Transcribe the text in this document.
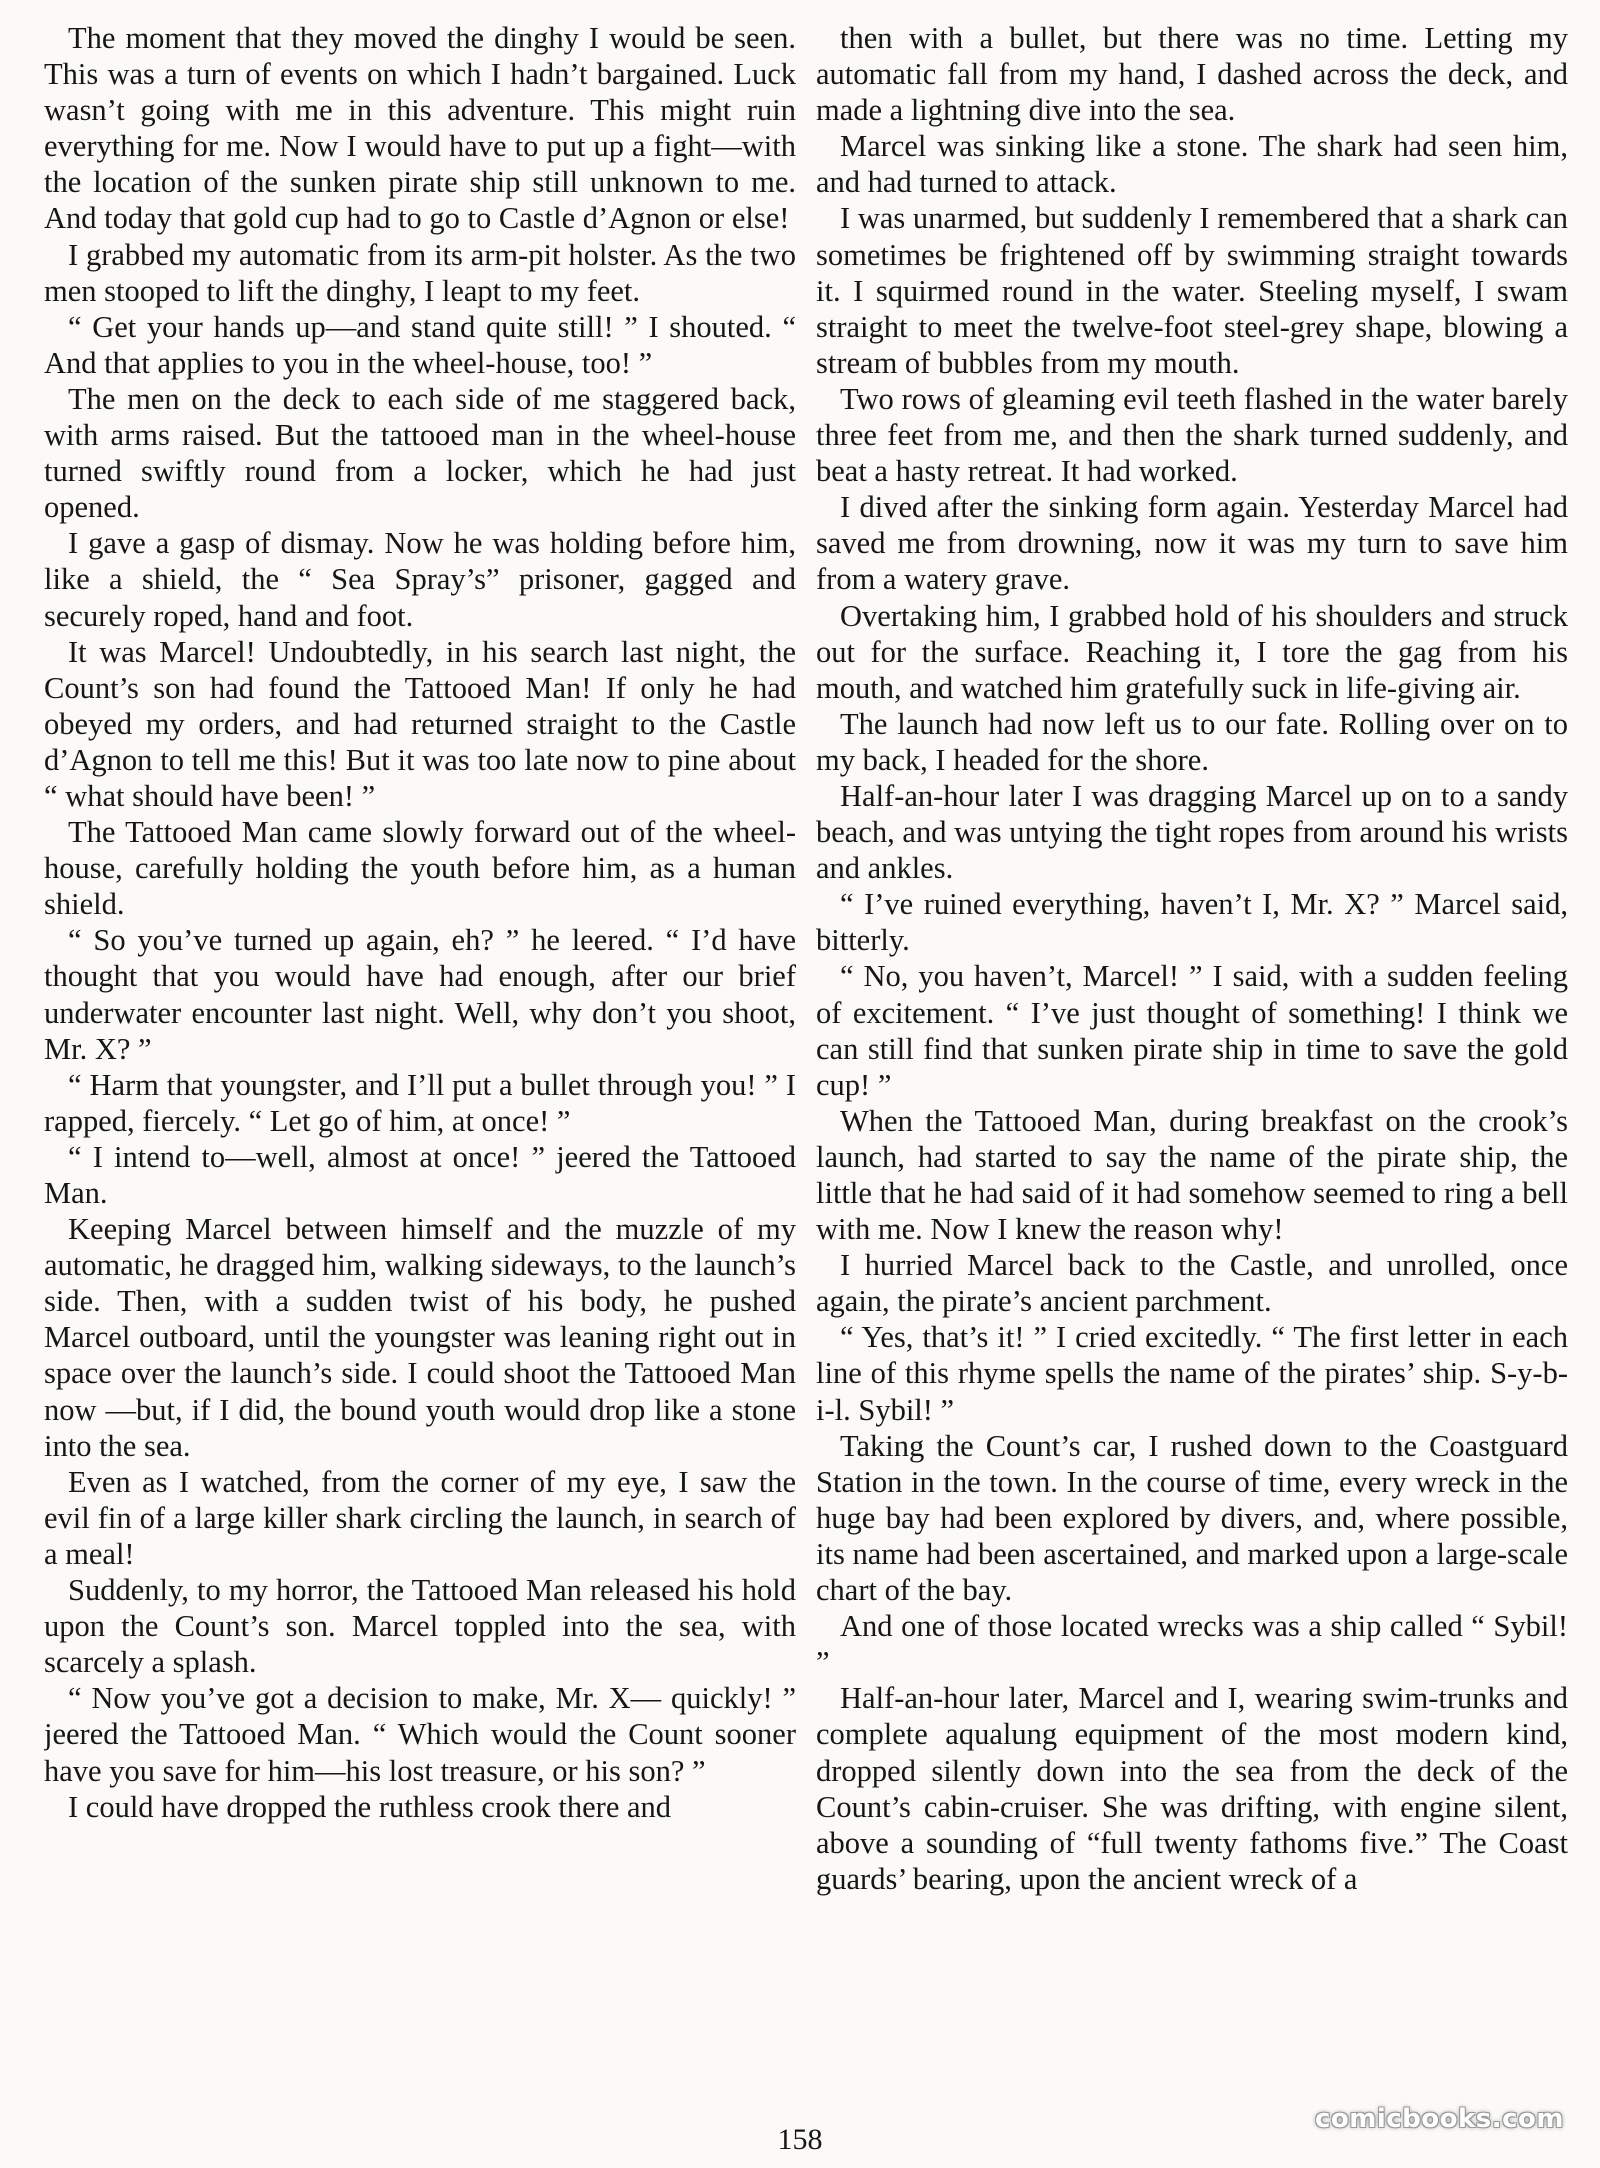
The moment that they moved the dinghy I would be seen. This was a turn of events on which I hadn’t bargained. Luck wasn’t going with me in this adventure. This might ruin everything for me. Now I would have to put up a fight—with the location of the sunken pirate ship still unknown to me. And today that gold cup had to go to Castle d’Agnon or else!

I grabbed my automatic from its arm-pit holster. As the two men stooped to lift the dinghy, I leapt to my feet.

“ Get your hands up—and stand quite still! ” I shouted. “ And that applies to you in the wheel-house, too! ”

The men on the deck to each side of me staggered back, with arms raised. But the tattooed man in the wheel-house turned swiftly round from a locker, which he had just opened.

I gave a gasp of dismay. Now he was holding before him, like a shield, the “ Sea Spray’s” prisoner, gagged and securely roped, hand and foot.

It was Marcel! Undoubtedly, in his search last night, the Count’s son had found the Tattooed Man! If only he had obeyed my orders, and had returned straight to the Castle d’Agnon to tell me this! But it was too late now to pine about “ what should have been! ”

The Tattooed Man came slowly forward out of the wheel-house, carefully holding the youth before him, as a human shield.

“ So you’ve turned up again, eh? ” he leered. “ I’d have thought that you would have had enough, after our brief underwater encounter last night. Well, why don’t you shoot, Mr. X? ”

“ Harm that youngster, and I’ll put a bullet through you! ” I rapped, fiercely. “ Let go of him, at once! ”

“ I intend to—well, almost at once! ” jeered the Tattooed Man.

Keeping Marcel between himself and the muzzle of my automatic, he dragged him, walking sideways, to the launch’s side. Then, with a sudden twist of his body, he pushed Marcel outboard, until the youngster was leaning right out in space over the launch’s side. I could shoot the Tattooed Man now —but, if I did, the bound youth would drop like a stone into the sea.

Even as I watched, from the corner of my eye, I saw the evil fin of a large killer shark circling the launch, in search of a meal!

Suddenly, to my horror, the Tattooed Man released his hold upon the Count’s son. Marcel toppled into the sea, with scarcely a splash.

“ Now you’ve got a decision to make, Mr. X— quickly! ” jeered the Tattooed Man. “ Which would the Count sooner have you save for him—his lost treasure, or his son? ”

I could have dropped the ruthless crook there and

then with a bullet, but there was no time. Letting my automatic fall from my hand, I dashed across the deck, and made a lightning dive into the sea.

Marcel was sinking like a stone. The shark had seen him, and had turned to attack.

I was unarmed, but suddenly I remembered that a shark can sometimes be frightened off by swimming straight towards it. I squirmed round in the water. Steeling myself, I swam straight to meet the twelve-foot steel-grey shape, blowing a stream of bubbles from my mouth.

Two rows of gleaming evil teeth flashed in the water barely three feet from me, and then the shark turned suddenly, and beat a hasty retreat. It had worked.

I dived after the sinking form again. Yesterday Marcel had saved me from drowning, now it was my turn to save him from a watery grave.

Overtaking him, I grabbed hold of his shoulders and struck out for the surface. Reaching it, I tore the gag from his mouth, and watched him gratefully suck in life-giving air.

The launch had now left us to our fate. Rolling over on to my back, I headed for the shore.

Half-an-hour later I was dragging Marcel up on to a sandy beach, and was untying the tight ropes from around his wrists and ankles.

“ I’ve ruined everything, haven’t I, Mr. X? ” Marcel said, bitterly.

“ No, you haven’t, Marcel! ” I said, with a sudden feeling of excitement. “ I’ve just thought of something! I think we can still find that sunken pirate ship in time to save the gold cup! ”

When the Tattooed Man, during breakfast on the crook’s launch, had started to say the name of the pirate ship, the little that he had said of it had somehow seemed to ring a bell with me. Now I knew the reason why!

I hurried Marcel back to the Castle, and unrolled, once again, the pirate’s ancient parchment.

“ Yes, that’s it! ” I cried excitedly. “ The first letter in each line of this rhyme spells the name of the pirates’ ship. S-y-b-i-l. Sybil! ”

Taking the Count’s car, I rushed down to the Coastguard Station in the town. In the course of time, every wreck in the huge bay had been explored by divers, and, where possible, its name had been ascertained, and marked upon a large-scale chart of the bay.

And one of those located wrecks was a ship called “ Sybil! ”

Half-an-hour later, Marcel and I, wearing swim-trunks and complete aqualung equipment of the most modern kind, dropped silently down into the sea from the deck of the Count’s cabin-cruiser. She was drifting, with engine silent, above a sounding of “full twenty fathoms five.” The Coast guards’ bearing, upon the ancient wreck of a

158
comicbooks.com
